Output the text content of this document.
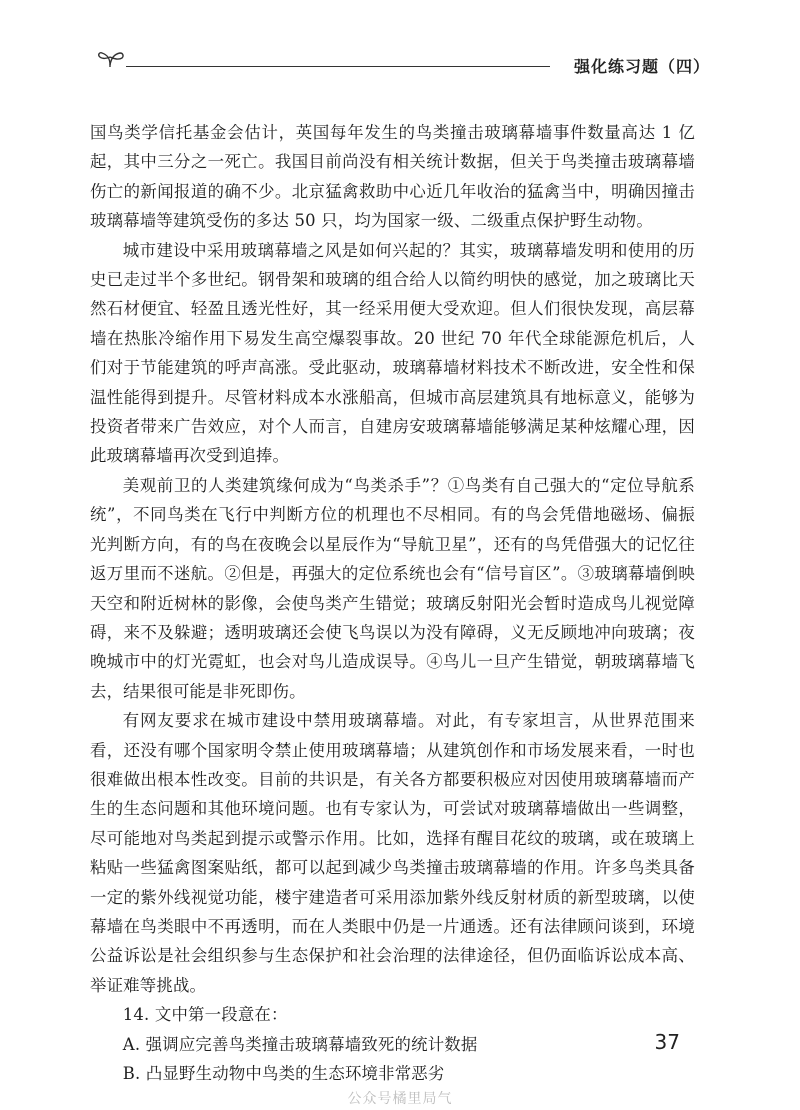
强化练习题（四）

国鸟类学信托基金会估计，英国每年发生的鸟类撞击玻璃幕墙事件数量高达 1 亿起，其中三分之一死亡。我国目前尚没有相关统计数据，但关于鸟类撞击玻璃幕墙伤亡的新闻报道的确不少。北京猛禽救助中心近几年收治的猛禽当中，明确因撞击玻璃幕墙等建筑受伤的多达 50 只，均为国家一级、二级重点保护野生动物。

城市建设中采用玻璃幕墙之风是如何兴起的？其实，玻璃幕墙发明和使用的历史已走过半个多世纪。钢骨架和玻璃的组合给人以简约明快的感觉，加之玻璃比天然石材便宜、轻盈且透光性好，其一经采用便大受欢迎。但人们很快发现，高层幕墙在热胀冷缩作用下易发生高空爆裂事故。20 世纪 70 年代全球能源危机后，人们对于节能建筑的呼声高涨。受此驱动，玻璃幕墙材料技术不断改进，安全性和保温性能得到提升。尽管材料成本水涨船高，但城市高层建筑具有地标意义，能够为投资者带来广告效应，对个人而言，自建房安玻璃幕墙能够满足某种炫耀心理，因此玻璃幕墙再次受到追捧。

美观前卫的人类建筑缘何成为“鸟类杀手”？①鸟类有自己强大的“定位导航系统”，不同鸟类在飞行中判断方位的机理也不尽相同。有的鸟会凭借地磁场、偏振光判断方向，有的鸟在夜晚会以星辰作为“导航卫星”，还有的鸟凭借强大的记忆往返万里而不迷航。②但是，再强大的定位系统也会有“信号盲区”。③玻璃幕墙倒映天空和附近树林的影像，会使鸟类产生错觉；玻璃反射阳光会暂时造成鸟儿视觉障碍，来不及躲避；透明玻璃还会使飞鸟误以为没有障碍，义无反顾地冲向玻璃；夜晚城市中的灯光霓虹，也会对鸟儿造成误导。④鸟儿一旦产生错觉，朝玻璃幕墙飞去，结果很可能是非死即伤。

有网友要求在城市建设中禁用玻璃幕墙。对此，有专家坦言，从世界范围来看，还没有哪个国家明令禁止使用玻璃幕墙；从建筑创作和市场发展来看，一时也很难做出根本性改变。目前的共识是，有关各方都要积极应对因使用玻璃幕墙而产生的生态问题和其他环境问题。也有专家认为，可尝试对玻璃幕墙做出一些调整，尽可能地对鸟类起到提示或警示作用。比如，选择有醒目花纹的玻璃，或在玻璃上粘贴一些猛禽图案贴纸，都可以起到减少鸟类撞击玻璃幕墙的作用。许多鸟类具备一定的紫外线视觉功能，楼宇建造者可采用添加紫外线反射材质的新型玻璃，以使幕墙在鸟类眼中不再透明，而在人类眼中仍是一片通透。还有法律顾问谈到，环境公益诉讼是社会组织参与生态保护和社会治理的法律途径，但仍面临诉讼成本高、举证难等挑战。

14. 文中第一段意在：

A. 强调应完善鸟类撞击玻璃幕墙致死的统计数据

B. 凸显野生动物中鸟类的生态环境非常恶劣

37
公众号橘里局气
